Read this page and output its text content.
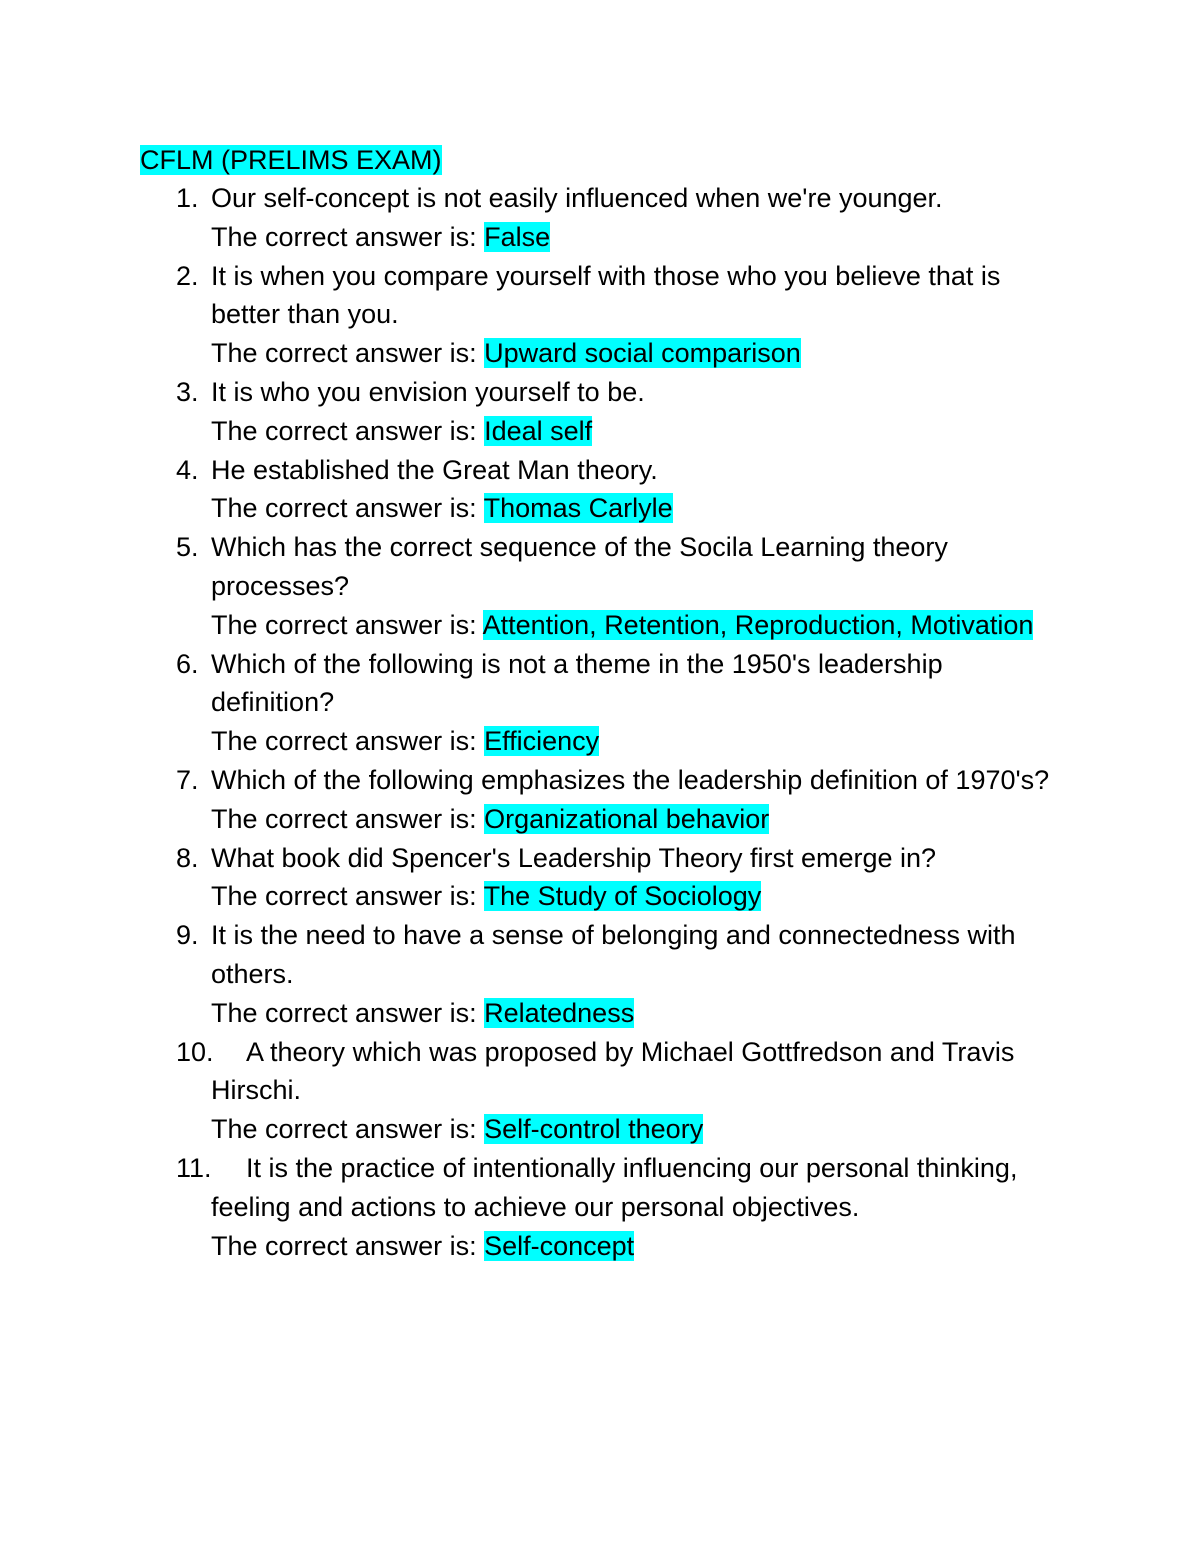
CFLM (PRELIMS EXAM)
1. Our self-concept is not easily influenced when we're younger.
The correct answer is: False
2. It is when you compare yourself with those who you believe that is better than you.
The correct answer is: Upward social comparison
3. It is who you envision yourself to be.
The correct answer is: Ideal self
4. He established the Great Man theory.
The correct answer is: Thomas Carlyle
5. Which has the correct sequence of the Socila Learning theory processes?
The correct answer is: Attention, Retention, Reproduction, Motivation
6. Which of the following is not a theme in the 1950's leadership definition?
The correct answer is: Efficiency
7. Which of the following emphasizes the leadership definition of 1970's?
The correct answer is: Organizational behavior
8. What book did Spencer's Leadership Theory first emerge in?
The correct answer is: The Study of Sociology
9. It is the need to have a sense of belonging and connectedness with others.
The correct answer is: Relatedness
10.	A theory which was proposed by Michael Gottfredson and Travis Hirschi.
The correct answer is: Self-control theory
11.	It is the practice of intentionally influencing our personal thinking, feeling and actions to achieve our personal objectives.
The correct answer is: Self-concept
